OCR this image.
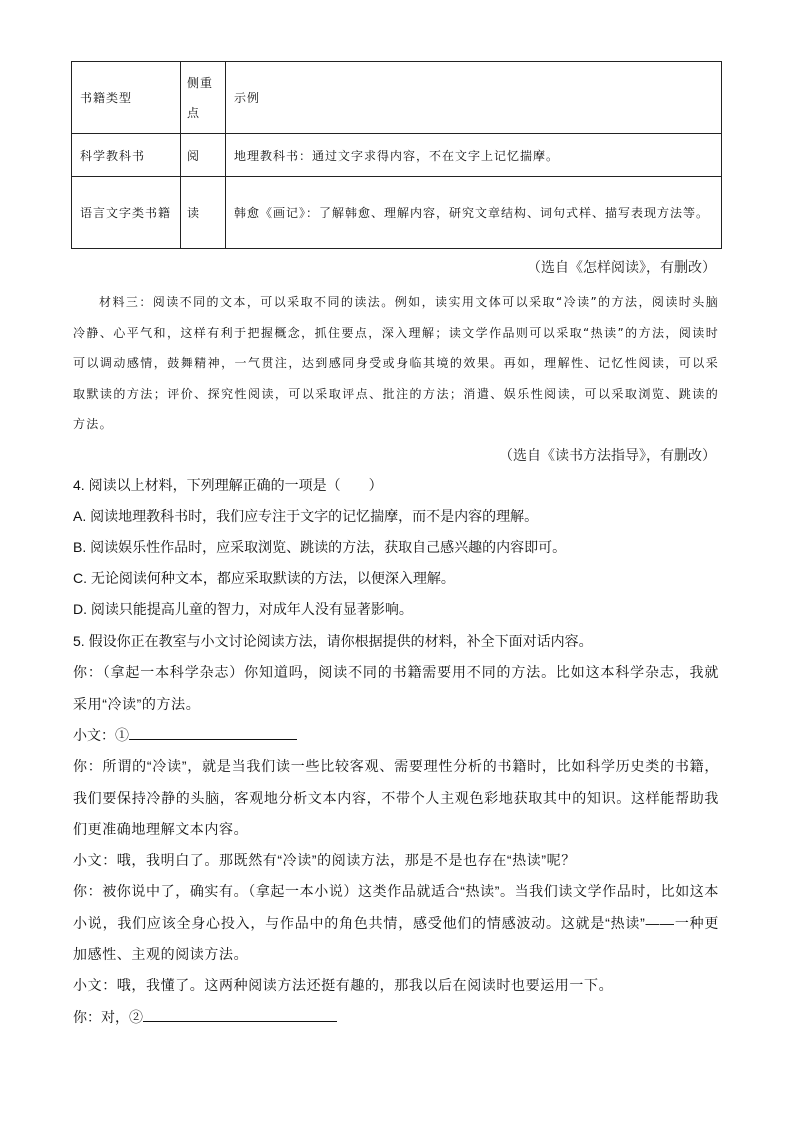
书籍类型	侧重点	示例
科学教科书	阅	地理教科书：通过文字求得内容，不在文字上记忆揣摩。

语言文字类书籍	读	韩愈《画记》：了解韩愈、理解内容，研究文章结构、词句式样、描写表现方法等。
（选自《怎样阅读》，有删改）
材料三：阅读不同的文本，可以采取不同的读法。例如，读实用文体可以采取“冷读”的方法，阅读时头脑冷静、心平气和，这样有利于把握概念，抓住要点，深入理解；读文学作品则可以采取“热读”的方法，阅读时可以调动感情，鼓舞精神，一气贯注，达到感同身受或身临其境的效果。再如，理解性、记忆性阅读，可以采取默读的方法；评价、探究性阅读，可以采取评点、批注的方法；消遣、娱乐性阅读，可以采取浏览、跳读的方法。
（选自《读书方法指导》，有删改）
4. 阅读以上材料，下列理解正确的一项是（　　）
A. 阅读地理教科书时，我们应专注于文字的记忆揣摩，而不是内容的理解。
B. 阅读娱乐性作品时，应采取浏览、跳读的方法，获取自己感兴趣的内容即可。
C. 无论阅读何种文本，都应采取默读的方法，以便深入理解。
D. 阅读只能提高儿童的智力，对成年人没有显著影响。
5. 假设你正在教室与小文讨论阅读方法，请你根据提供的材料，补全下面对话内容。
你：（拿起一本科学杂志）你知道吗，阅读不同的书籍需要用不同的方法。比如这本科学杂志，我就采用“冷读”的方法。
小文：①
你：所谓的“冷读”，就是当我们读一些比较客观、需要理性分析的书籍时，比如科学历史类的书籍，我们要保持冷静的头脑，客观地分析文本内容，不带个人主观色彩地获取其中的知识。这样能帮助我们更准确地理解文本内容。
小文：哦，我明白了。那既然有“冷读”的阅读方法，那是不是也存在“热读”呢？
你：被你说中了，确实有。（拿起一本小说）这类作品就适合“热读”。当我们读文学作品时，比如这本小说，我们应该全身心投入，与作品中的角色共情，感受他们的情感波动。这就是“热读”——一种更加感性、主观的阅读方法。
小文：哦，我懂了。这两种阅读方法还挺有趣的，那我以后在阅读时也要运用一下。
你：对，②
